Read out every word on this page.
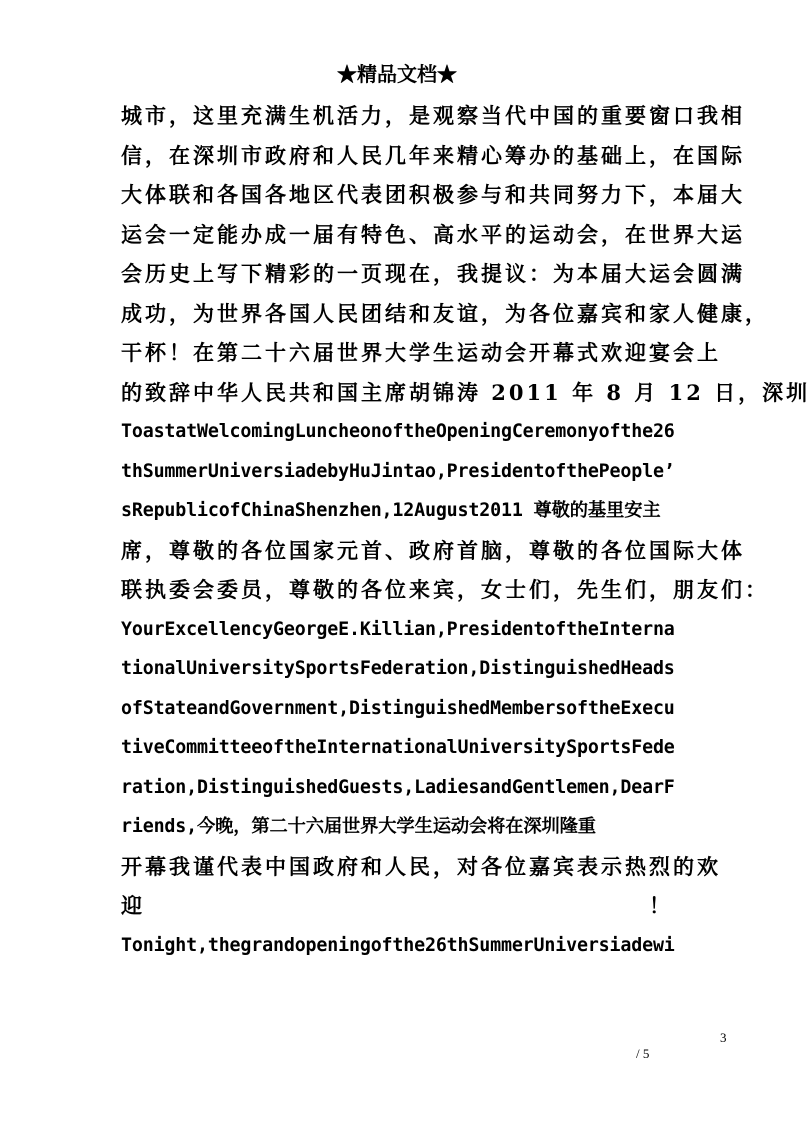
★精品文档★
城市，这里充满生机活力，是观察当代中国的重要窗口我相
信，在深圳市政府和人民几年来精心筹办的基础上，在国际
大体联和各国各地区代表团积极参与和共同努力下，本届大
运会一定能办成一届有特色、高水平的运动会，在世界大运
会历史上写下精彩的一页现在，我提议：为本届大运会圆满
成功，为世界各国人民团结和友谊，为各位嘉宾和家人健康，
干杯！在第二十六届世界大学生运动会开幕式欢迎宴会上
的致辞中华人民共和国主席胡锦涛 2011 年 8 月 12 日，深圳
ToastatWelcomingLuncheonoftheOpeningCeremonyofthe26
thSummerUniversiadebyHuJintao,PresidentofthePeople’
sRepublicofChinaShenzhen,12August2011 尊敬的基里安主
席，尊敬的各位国家元首、政府首脑，尊敬的各位国际大体
联执委会委员，尊敬的各位来宾，女士们，先生们，朋友们：
YourExcellencyGeorgeE.Killian,PresidentoftheInterna
tionalUniversitySportsFederation,DistinguishedHeads
ofStateandGovernment,DistinguishedMembersoftheExecu
tiveCommitteeoftheInternationalUniversitySportsFede
ration,DistinguishedGuests,LadiesandGentlemen,DearF
riends,今晚，第二十六届世界大学生运动会将在深圳隆重
开幕我谨代表中国政府和人民，对各位嘉宾表示热烈的欢
迎	！
Tonight,thegrandopeningofthe26thSummerUniversiadewi
3
/ 5
